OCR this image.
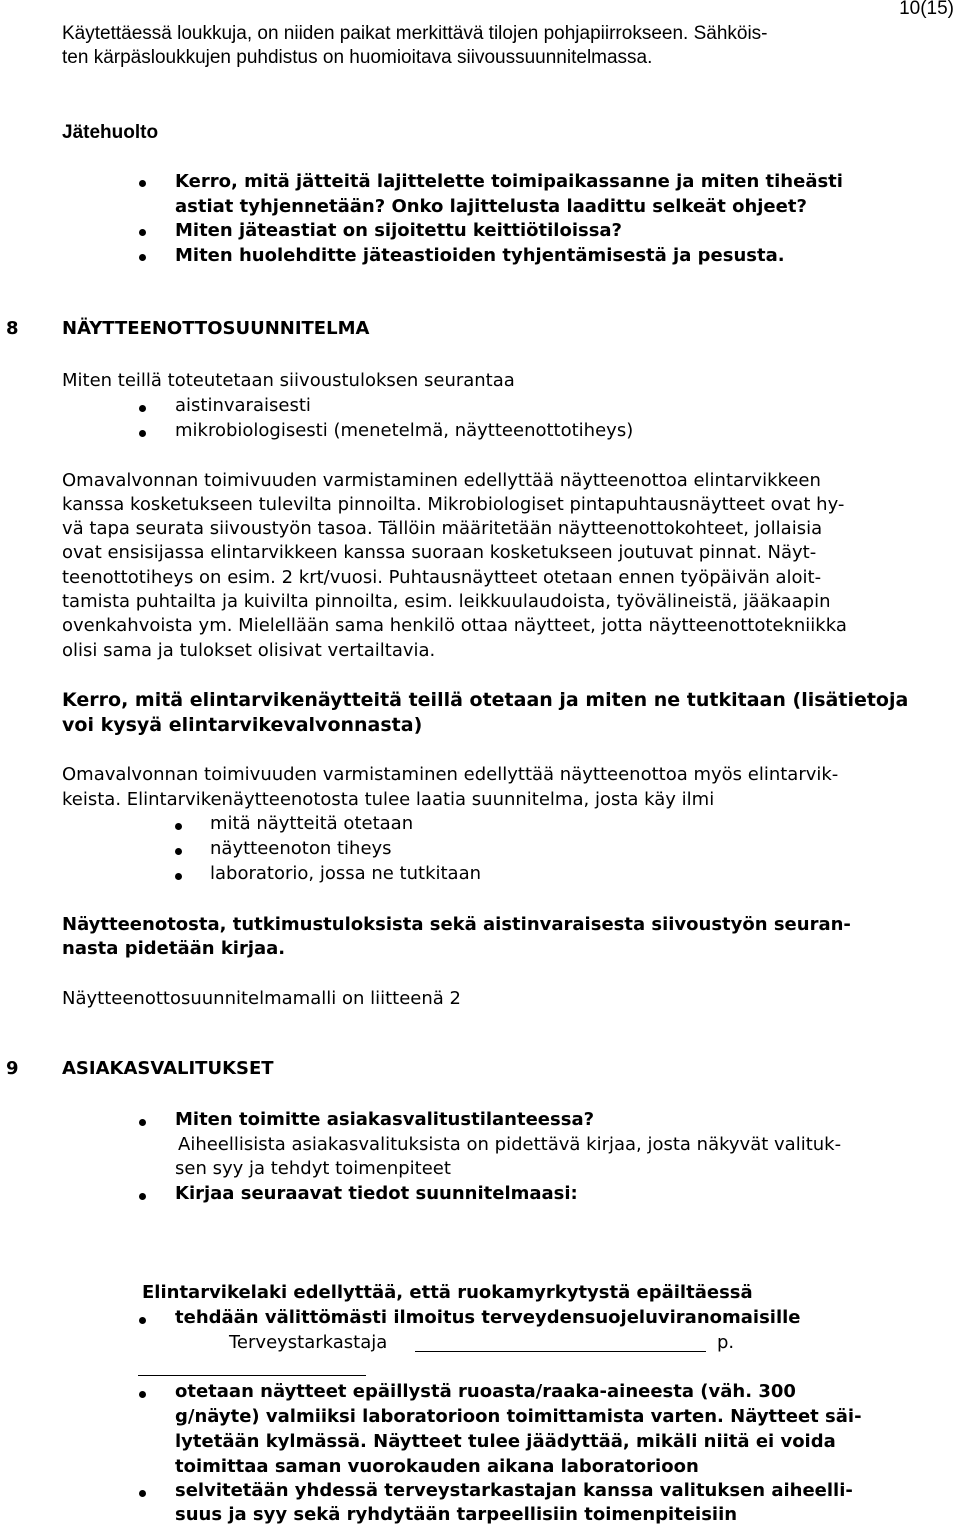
10(15)
Käytettäessä loukkuja, on niiden paikat merkittävä tilojen pohjapiirrokseen. Sähköis-
ten kärpäsloukkujen puhdistus on huomioitava siivoussuunnitelmassa.
Jätehuolto
Kerro, mitä jätteitä lajittelette toimipaikassanne ja miten tiheästi
astiat tyhjennetään? Onko lajittelusta laadittu selkeät ohjeet?
Miten jäteastiat on sijoitettu keittiötiloissa?
Miten huolehditte jäteastioiden tyhjentämisestä ja pesusta.
8 NÄYTTEENOTTOSUUNNITELMA
Miten teillä toteutetaan siivoustuloksen seurantaa
aistinvaraisesti
mikrobiologisesti (menetelmä, näytteenottotiheys)
Omavalvonnan toimivuuden varmistaminen edellyttää näytteenottoa elintarvikkeen
kanssa kosketukseen tulevilta pinnoilta. Mikrobiologiset pintapuhtausnäytteet ovat hy-
vä tapa seurata siivoustyön tasoa. Tällöin määritetään näytteenottokohteet, jollaisia
ovat ensisijassa elintarvikkeen kanssa suoraan kosketukseen joutuvat pinnat. Näyt-
teenottotiheys on esim. 2 krt/vuosi. Puhtausnäytteet otetaan ennen työpäivän aloit-
tamista puhtailta ja kuivilta pinnoilta, esim. leikkuulaudoista, työvälineistä, jääkaapin
ovenkahvoista ym. Mielellään sama henkilö ottaa näytteet, jotta näytteenottotekniikka
olisi sama ja tulokset olisivat vertailtavia.
Kerro, mitä elintarvikenäytteitä teillä otetaan ja miten ne tutkitaan (lisätietoja
voi kysyä elintarvikevalvonnasta)
Omavalvonnan toimivuuden varmistaminen edellyttää näytteenottoa myös elintarvik-
keista. Elintarvikenäytteenotosta tulee laatia suunnitelma, josta käy ilmi
mitä näytteitä otetaan
näytteenoton tiheys
laboratorio, jossa ne tutkitaan
Näytteenotosta, tutkimustuloksista sekä aistinvaraisesta siivoustyön seuran-
nasta pidetään kirjaa.
Näytteenottosuunnitelmamalli on liitteenä 2
9 ASIAKASVALITUKSET
Miten toimitte asiakasvalitustilanteessa?
Aiheellisista asiakasvalituksista on pidettävä kirjaa, josta näkyvät valituk-
sen syy ja tehdyt toimenpiteet
Kirjaa seuraavat tiedot suunnitelmaasi:
Elintarvikelaki edellyttää, että ruokamyrkytystä epäiltäessä
tehdään välittömästi ilmoitus terveydensuojeluviranomaisille
Terveystarkastaja	p.
otetaan näytteet epäillystä ruoasta/raaka-aineesta (väh. 300
g/näyte) valmiiksi laboratorioon toimittamista varten. Näytteet säi-
lytetään kylmässä. Näytteet tulee jäädyttää, mikäli niitä ei voida
toimittaa saman vuorokauden aikana laboratorioon
selvitetään yhdessä terveystarkastajan kanssa valituksen aiheelli-
suus ja syy sekä ryhdytään tarpeellisiin toimenpiteisiin
